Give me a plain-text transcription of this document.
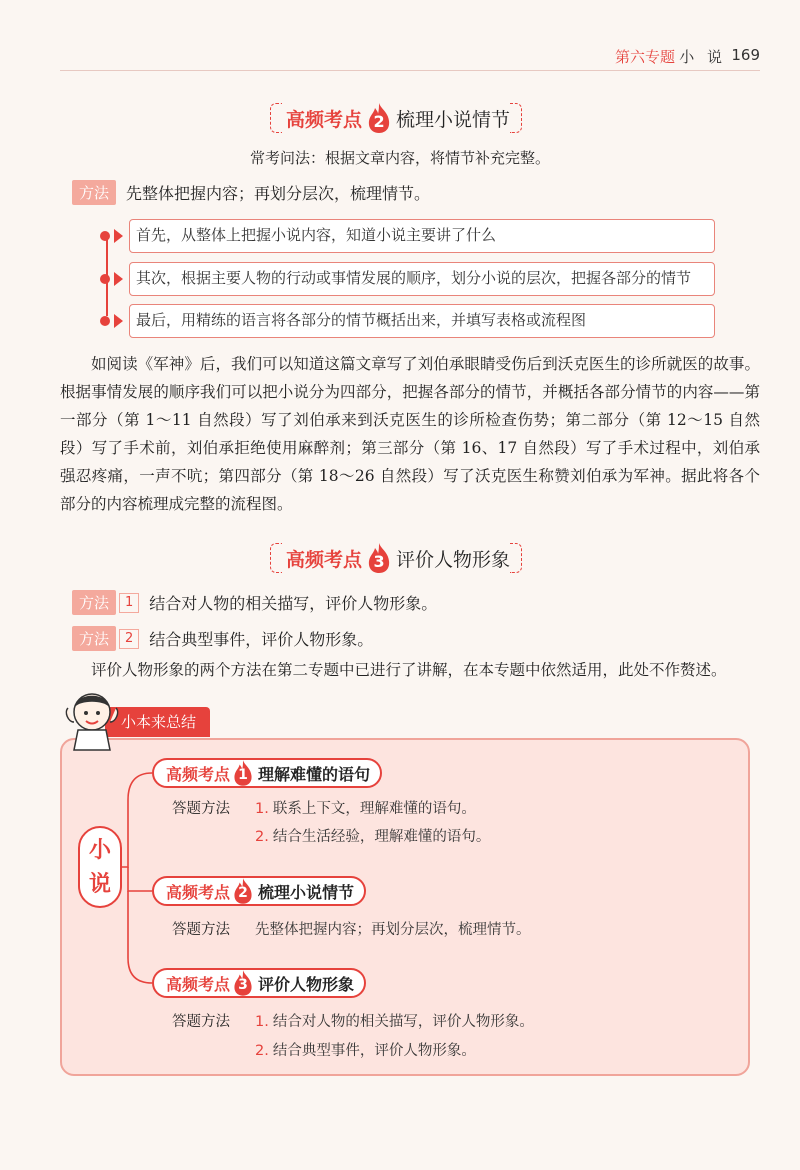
第六专题 小 说 169
高频考点 2 梳理小说情节
常考问法：根据文章内容，将情节补充完整。
方法	先整体把握内容；再划分层次，梳理情节。
首先，从整体上把握小说内容，知道小说主要讲了什么
其次，根据主要人物的行动或事情发展的顺序，划分小说的层次，把握各部分的情节
最后，用精练的语言将各部分的情节概括出来，并填写表格或流程图
如阅读《军神》后，我们可以知道这篇文章写了刘伯承眼睛受伤后到沃克医生的诊所就医的故事。根据事情发展的顺序我们可以把小说分为四部分，把握各部分的情节，并概括各部分情节的内容——第一部分（第 1～11 自然段）写了刘伯承来到沃克医生的诊所检查伤势；第二部分（第 12～15 自然段）写了手术前，刘伯承拒绝使用麻醉剂；第三部分（第 16、17 自然段）写了手术过程中，刘伯承强忍疼痛，一声不吭；第四部分（第 18～26 自然段）写了沃克医生称赞刘伯承为军神。据此将各个部分的内容梳理成完整的流程图。
高频考点 3 评价人物形象
方法 1	结合对人物的相关描写，评价人物形象。
方法 2	结合典型事件，评价人物形象。
评价人物形象的两个方法在第二专题中已进行了讲解，在本专题中依然适用，此处不作赘述。
小本来总结
小
说
高频考点 1 理解难懂的语句
答题方法 1. 联系上下文，理解难懂的语句。
2. 结合生活经验，理解难懂的语句。
高频考点 2 梳理小说情节
答题方法 先整体把握内容；再划分层次，梳理情节。
高频考点 3 评价人物形象
答题方法 1. 结合对人物的相关描写，评价人物形象。
2. 结合典型事件，评价人物形象。
